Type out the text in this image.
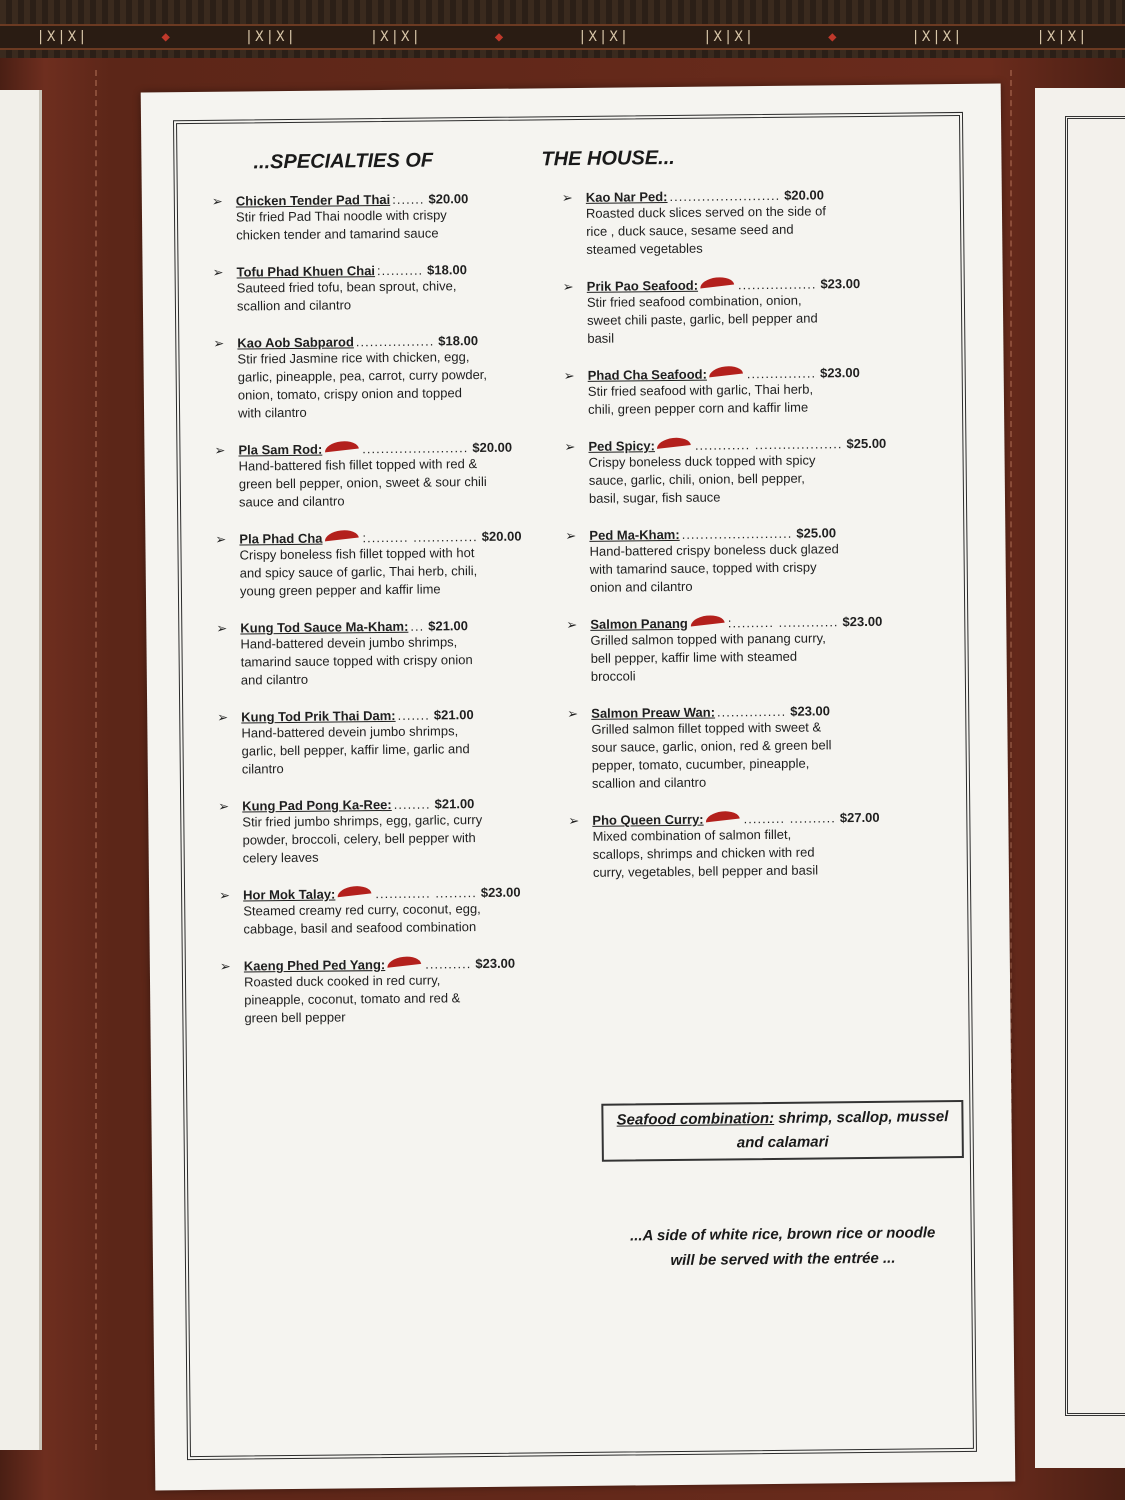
|X|X|	◆	|X|X|	|X|X|	◆	|X|X|	|X|X|	◆	|X|X|	|X|X|
...SPECIALTIES OF	THE HOUSE...
➢ Chicken Tender Pad Thai :...... $20.00
Stir fried Pad Thai noodle with crispy chicken tender and tamarind sauce
➢ Tofu Phad Khuen Chai :......... $18.00
Sauteed fried tofu, bean sprout, chive, scallion and cilantro
➢ Kao Aob Sabparod ................. $18.00
Stir fried Jasmine rice with chicken, egg, garlic, pineapple, pea, carrot, curry powder, onion, tomato, crispy onion and topped with cilantro
➢ Pla Sam Rod:	....................... $20.00
Hand-battered fish fillet topped with red & green bell pepper, onion, sweet & sour chili sauce and cilantro
➢ Pla Phad Cha	:......... .............. $20.00
Crispy boneless fish fillet topped with hot and spicy sauce of garlic, Thai herb, chili, young green pepper and kaffir lime
➢ Kung Tod Sauce Ma-Kham: ... $21.00
Hand-battered devein jumbo shrimps, tamarind sauce topped with crispy onion and cilantro
➢ Kung Tod Prik Thai Dam: ....... $21.00
Hand-battered devein jumbo shrimps, garlic, bell pepper, kaffir lime, garlic and cilantro
➢ Kung Pad Pong Ka-Ree: ........ $21.00
Stir fried jumbo shrimps, egg, garlic, curry powder, broccoli, celery, bell pepper with celery leaves
➢ Hor Mok Talay:	............ ......... $23.00
Steamed creamy red curry, coconut, egg, cabbage, basil and seafood combination
➢ Kaeng Phed Ped Yang:	.......... $23.00
Roasted duck cooked in red curry, pineapple, coconut, tomato and red & green bell pepper
➢ Kao Nar Ped: ........................ $20.00
Roasted duck slices served on the side of rice , duck sauce, sesame seed and steamed vegetables
➢ Prik Pao Seafood:	................. $23.00
Stir fried seafood combination, onion, sweet chili paste, garlic, bell pepper and basil
➢ Phad Cha Seafood:	............... $23.00
Stir fried seafood with garlic, Thai herb, chili, green pepper corn and kaffir lime
➢ Ped Spicy:	............ ................... $25.00
Crispy boneless duck topped with spicy sauce, garlic, chili, onion, bell pepper, basil, sugar, fish sauce
➢ Ped Ma-Kham: ........................ $25.00
Hand-battered crispy boneless duck glazed with tamarind sauce, topped with crispy onion and cilantro
➢ Salmon Panang	:......... ............. $23.00
Grilled salmon topped with panang curry, bell pepper, kaffir lime with steamed broccoli
➢ Salmon Preaw Wan: ............... $23.00
Grilled salmon fillet topped with sweet & sour sauce, garlic, onion, red & green bell pepper, tomato, cucumber, pineapple, scallion and cilantro
➢ Pho Queen Curry:	......... .......... $27.00
Mixed combination of salmon fillet, scallops, shrimps and chicken with red curry, vegetables, bell pepper and basil
Seafood combination: shrimp, scallop, mussel and calamari
...A side of white rice, brown rice or noodle
will be served with the entrée ...
